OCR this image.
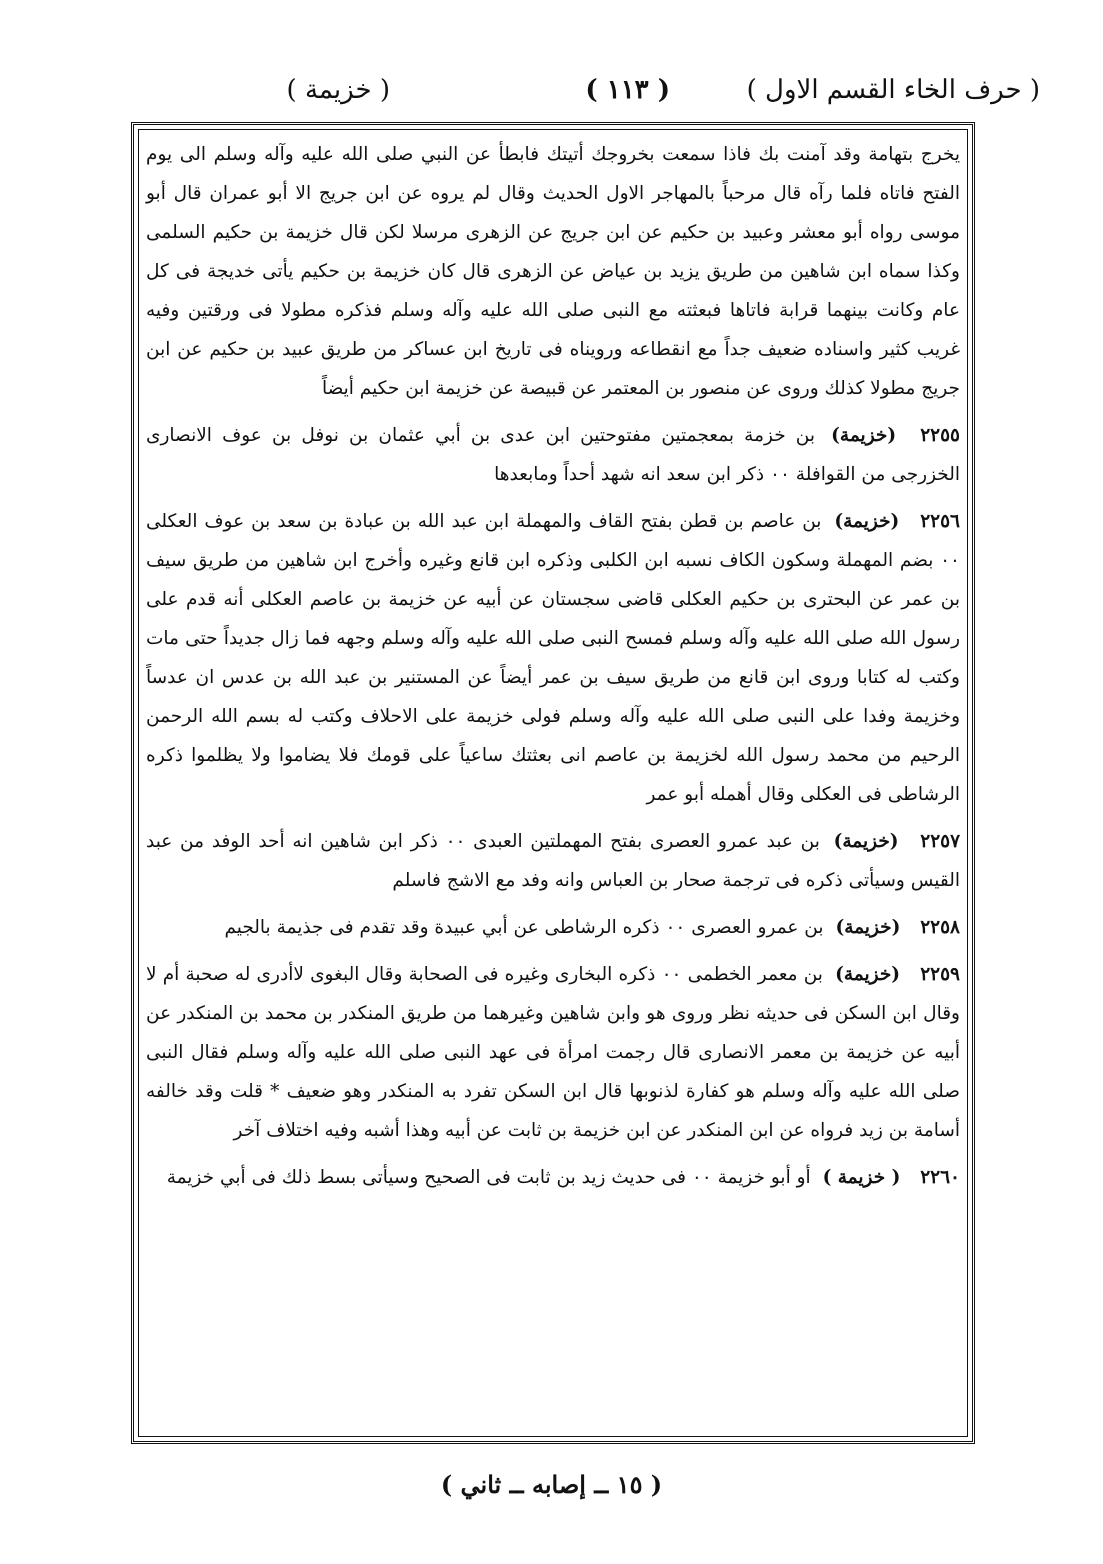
( حرف الخاء القسم الاول )
( ١١٣ )
( خزيمة )

يخرج بتهامة وقد آمنت بك فاذا سمعت بخروجك أتيتك فابطأ عن النبي صلى الله عليه وآله وسلم الى يوم الفتح فاتاه فلما رآه قال مرحباً بالمهاجر الاول الحديث وقال لم يروه عن ابن جريج الا أبو عمران قال أبو موسى رواه أبو معشر وعبيد بن حكيم عن ابن جريج عن الزهرى مرسلا لكن قال خزيمة بن حكيم السلمى وكذا سماه ابن شاهين من طريق يزيد بن عياض عن الزهرى قال كان خزيمة بن حكيم يأتى خديجة فى كل عام وكانت بينهما قرابة فاتاها فبعثته مع النبى صلى الله عليه وآله وسلم فذكره مطولا فى ورقتين وفيه غريب كثير واسناده ضعيف جداً مع انقطاعه ورويناه فى تاريخ ابن عساكر من طريق عبيد بن حكيم عن ابن جريج مطولا كذلك وروى عن منصور بن المعتمر عن قبيصة عن خزيمة ابن حكيم أيضاً

٢٢٥٥ (خزيمة) بن خزمة بمعجمتين مفتوحتين ابن عدى بن أبي عثمان بن نوفل بن عوف الانصارى الخزرجى من القوافلة ٠٠ ذكر ابن سعد انه شهد أحداً ومابعدها

٢٢٥٦ (خزيمة) بن عاصم بن قطن بفتح القاف والمهملة ابن عبد الله بن عبادة بن سعد بن عوف العكلى ٠٠ بضم المهملة وسكون الكاف نسبه ابن الكلبى وذكره ابن قانع وغيره وأخرج ابن شاهين من طريق سيف بن عمر عن البحترى بن حكيم العكلى قاضى سجستان عن أبيه عن خزيمة بن عاصم العكلى أنه قدم على رسول الله صلى الله عليه وآله وسلم فمسح النبى صلى الله عليه وآله وسلم وجهه فما زال جديداً حتى مات وكتب له كتابا وروى ابن قانع من طريق سيف بن عمر أيضاً عن المستنير بن عبد الله بن عدس ان عدساً وخزيمة وفدا على النبى صلى الله عليه وآله وسلم فولى خزيمة على الاحلاف وكتب له بسم الله الرحمن الرحيم من محمد رسول الله لخزيمة بن عاصم انى بعثتك ساعياً على قومك فلا يضاموا ولا يظلموا ذكره الرشاطى فى العكلى وقال أهمله أبو عمر

٢٢٥٧ (خزيمة) بن عبد عمرو العصرى بفتح المهملتين العبدى ٠٠ ذكر ابن شاهين انه أحد الوفد من عبد القيس وسيأتى ذكره فى ترجمة صحار بن العباس وانه وفد مع الاشج فاسلم

٢٢٥٨ (خزيمة) بن عمرو العصرى ٠٠ ذكره الرشاطى عن أبي عبيدة وقد تقدم فى جذيمة بالجيم

٢٢٥٩ (خزيمة) بن معمر الخطمى ٠٠ ذكره البخارى وغيره فى الصحابة وقال البغوى لاأدرى له صحبة أم لا وقال ابن السكن فى حديثه نظر وروى هو وابن شاهين وغيرهما من طريق المنكدر بن محمد بن المنكدر عن أبيه عن خزيمة بن معمر الانصارى قال رجمت امرأة فى عهد النبى صلى الله عليه وآله وسلم فقال النبى صلى الله عليه وآله وسلم هو كفارة لذنوبها قال ابن السكن تفرد به المنكدر وهو ضعيف * قلت وقد خالفه أسامة بن زيد فرواه عن ابن المنكدر عن ابن خزيمة بن ثابت عن أبيه وهذا أشبه وفيه اختلاف آخر

٢٢٦٠ ( خزيمة ) أو أبو خزيمة ٠٠ فى حديث زيد بن ثابت فى الصحيح وسيأتى بسط ذلك فى أبي خزيمة

( ١٥ ــ إصابه ــ ثاني )
